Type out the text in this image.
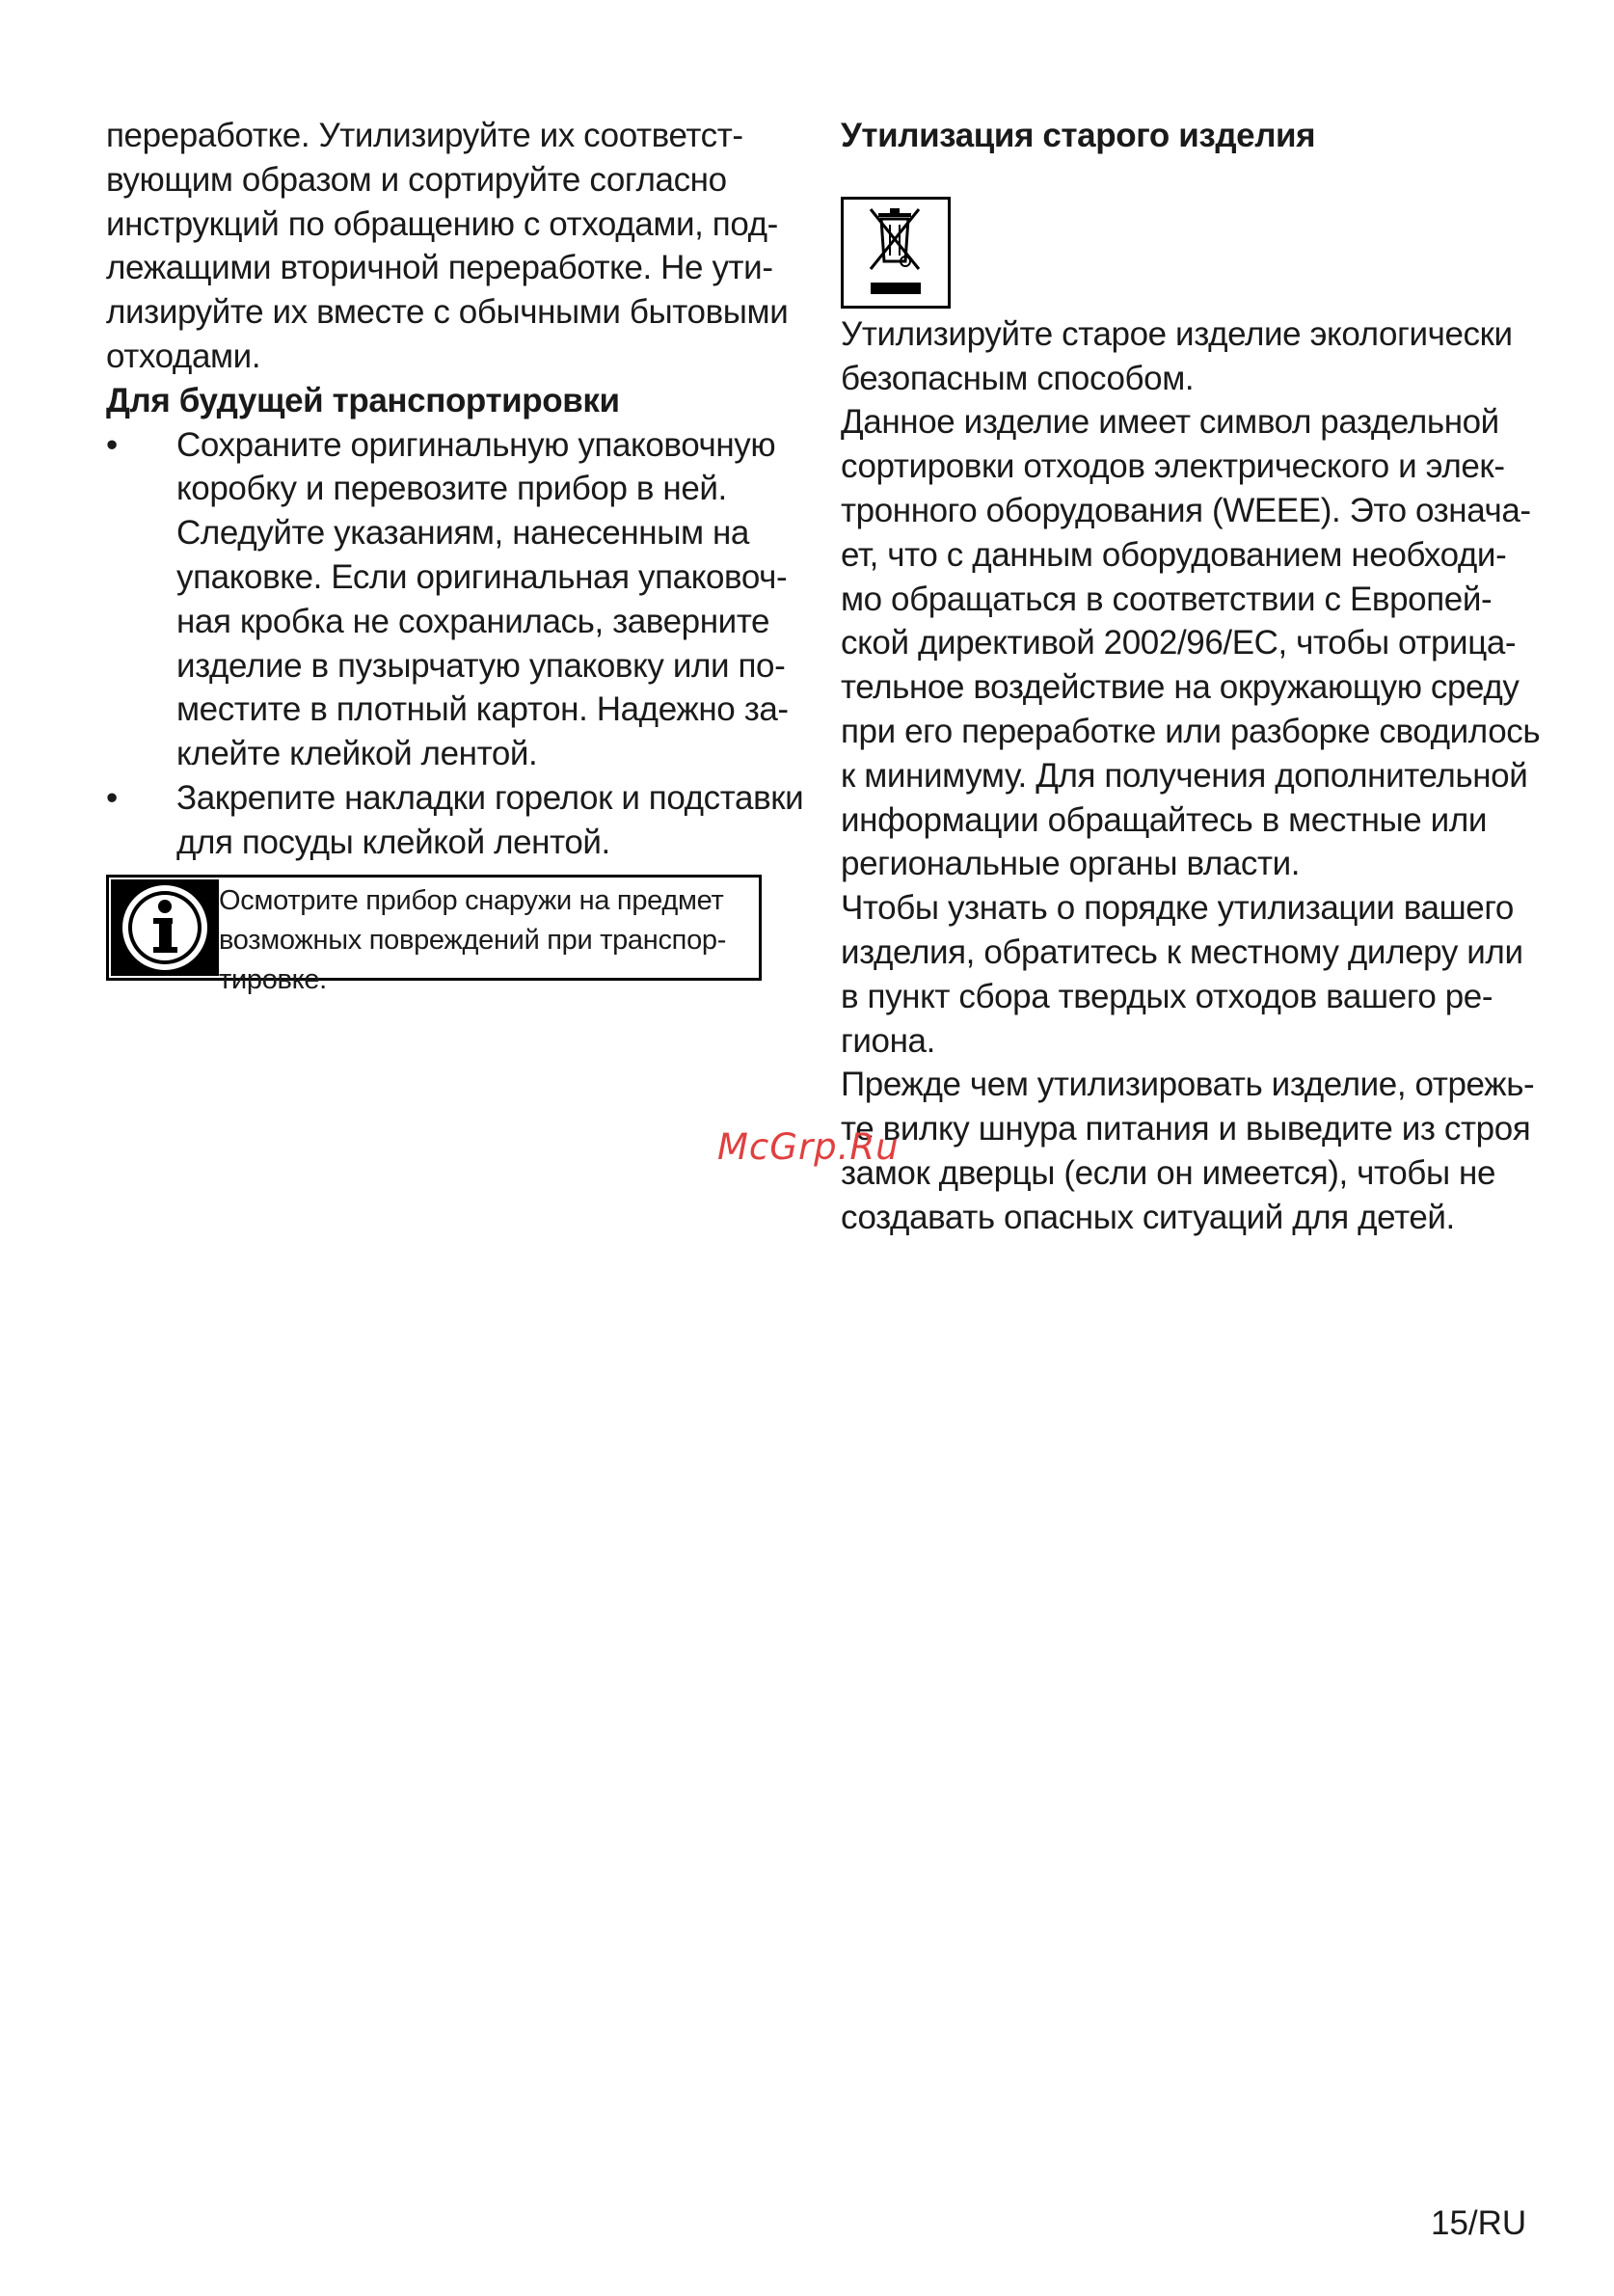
переработке. Утилизируйте их соответст-
вующим образом и сортируйте согласно
инструкций по обращению с отходами, под-
лежащими вторичной переработке. Не ути-
лизируйте их вместе с обычными бытовыми
отходами.
Для будущей транспортировки
• Сохраните оригинальную упаковочную
коробку и перевозите прибор в ней.
Следуйте указаниям, нанесенным на
упаковке. Если оригинальная упаковоч-
ная кробка не сохранилась, заверните
изделие в пузырчатую упаковку или по-
местите в плотный картон. Надежно за-
клейте клейкой лентой.
• Закрепите накладки горелок и подставки
для посуды клейкой лентой.
Осмотрите прибор снаружи на предмет
возможных повреждений при транспор-
тировке.
Утилизация старого изделия
Утилизируйте старое изделие экологически
безопасным способом.
Данное изделие имеет символ раздельной
сортировки отходов электрического и элек-
тронного оборудования (WEEE). Это означа-
ет, что с данным оборудованием необходи-
мо обращаться в соответствии с Европей-
ской директивой 2002/96/EC, чтобы отрица-
тельное воздействие на окружающую среду
при его переработке или разборке сводилось
к минимуму. Для получения дополнительной
информации обращайтесь в местные или
региональные органы власти.
Чтобы узнать о порядке утилизации вашего
изделия, обратитесь к местному дилеру или
в пункт сбора твердых отходов вашего ре-
гиона.
Прежде чем утилизировать изделие, отрежь-
те вилку шнура питания и выведите из строя
замок дверцы (если он имеется), чтобы не
создавать опасных ситуаций для детей.
McGrp.Ru
15/RU
